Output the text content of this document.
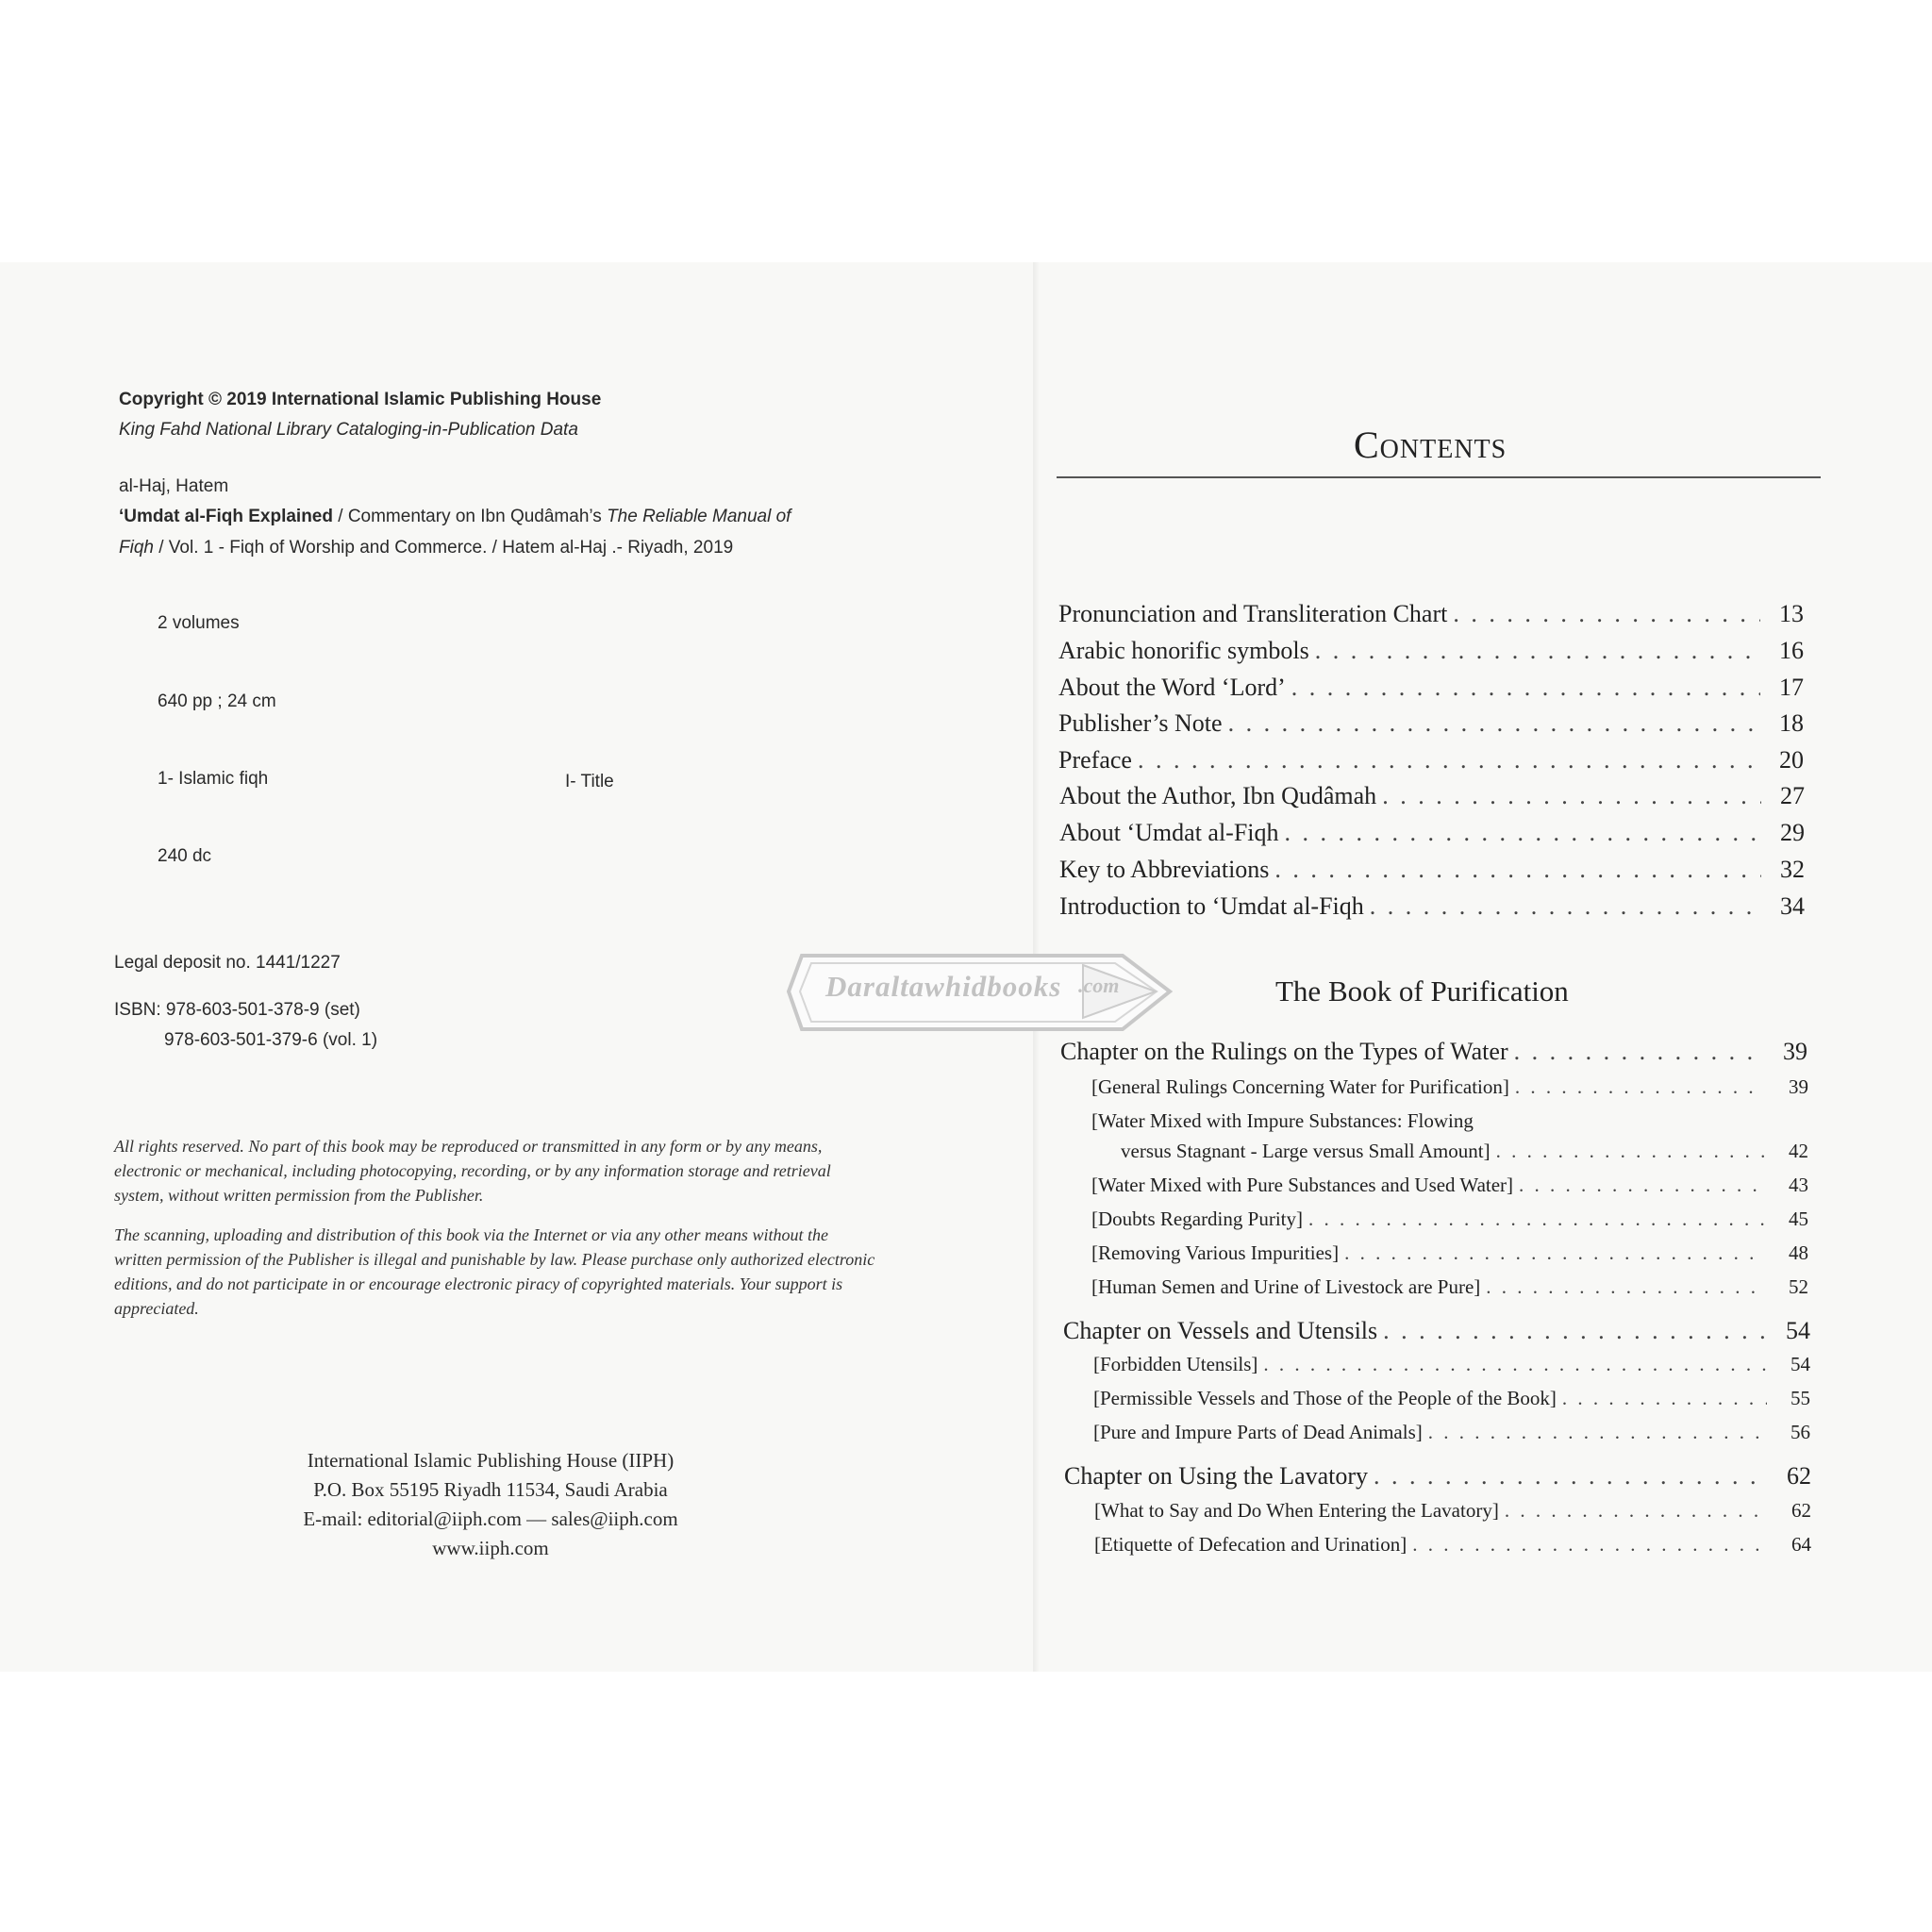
Copyright © 2019 International Islamic Publishing House
King Fahd National Library Cataloging-in-Publication Data
al-Haj, Hatem
‘Umdat al-Fiqh Explained / Commentary on Ibn Qudâmah’s The Reliable Manual of
Fiqh / Vol. 1 - Fiqh of Worship and Commerce. / Hatem al-Haj .- Riyadh, 2019
2 volumes
640 pp ; 24 cm
1- Islamic fiqh	I- Title
240 dc
Legal deposit no. 1441/1227
ISBN: 978-603-501-378-9 (set)
978-603-501-379-6 (vol. 1)
All rights reserved. No part of this book may be reproduced or transmitted in any form or by any means, electronic or mechanical, including photocopying, recording, or by any information storage and retrieval system, without written permission from the Publisher.
The scanning, uploading and distribution of this book via the Internet or via any other means without the written permission of the Publisher is illegal and punishable by law. Please purchase only authorized electronic editions, and do not participate in or encourage electronic piracy of copyrighted materials. Your support is appreciated.
International Islamic Publishing House (IIPH)
P.O. Box 55195 Riyadh 11534, Saudi Arabia
E-mail: editorial@iiph.com — sales@iiph.com
www.iiph.com
Daraltawhidbooks .com
Contents
Pronunciation and Transliteration Chart . . .	13
Arabic honorific symbols . . .	16
About the Word ‘Lord’ . . .	17
Publisher’s Note . . .	18
Preface . . .	20
About the Author, Ibn Qudâmah . . .	27
About ‘Umdat al-Fiqh . . .	29
Key to Abbreviations . . .	32
Introduction to ‘Umdat al-Fiqh . . .	34
The Book of Purification
Chapter on the Rulings on the Types of Water . . .	39
[General Rulings Concerning Water for Purification] . . .	39
[Water Mixed with Impure Substances: Flowing
versus Stagnant - Large versus Small Amount] . . .	42
[Water Mixed with Pure Substances and Used Water] . . .	43
[Doubts Regarding Purity] . . .	45
[Removing Various Impurities] . . .	48
[Human Semen and Urine of Livestock are Pure] . . .	52
Chapter on Vessels and Utensils . . .	54
[Forbidden Utensils] . . .	54
[Permissible Vessels and Those of the People of the Book] . . .	55
[Pure and Impure Parts of Dead Animals] . . .	56
Chapter on Using the Lavatory . . .	62
[What to Say and Do When Entering the Lavatory] . . .	62
[Etiquette of Defecation and Urination] . . .	64
